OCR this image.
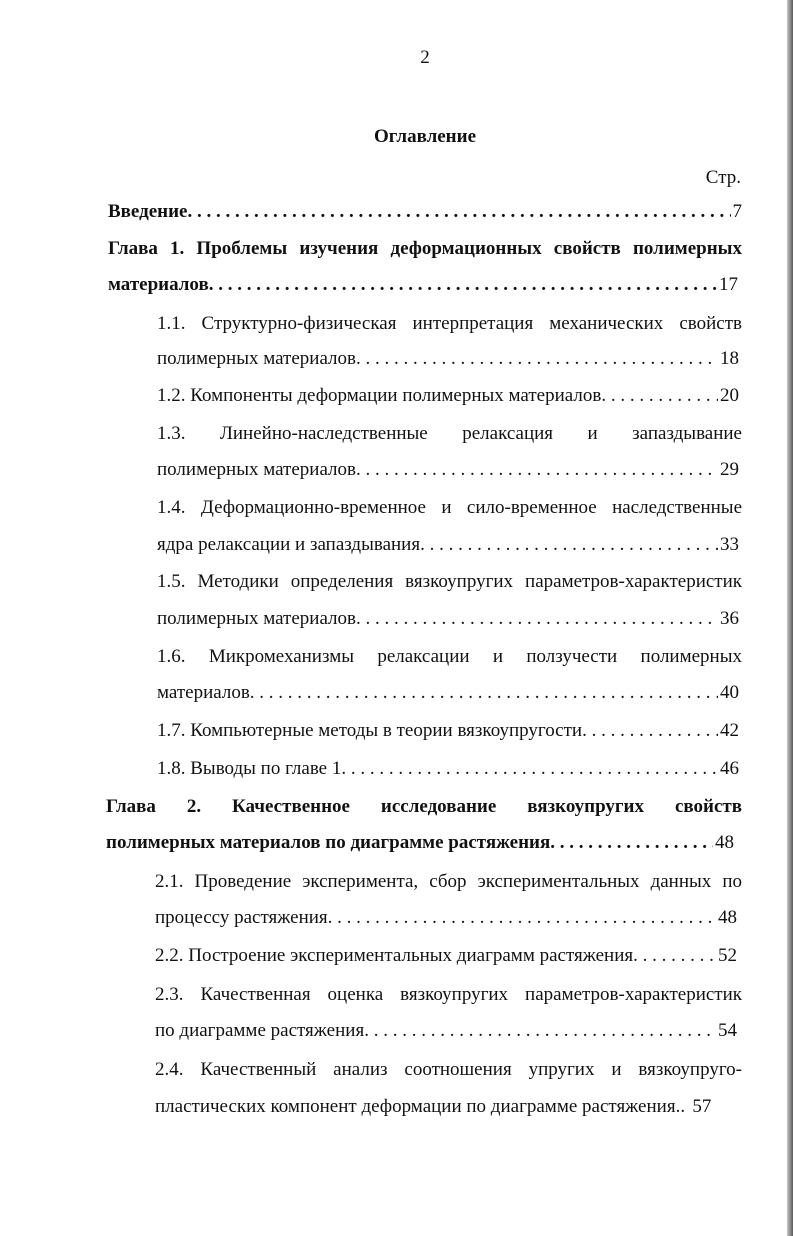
2
Оглавление
Стр.
Введение . . .	7
Глава 1. Проблемы изучения деформационных свойств полимерных
материалов . . .	17
1.1. Структурно-физическая интерпретация механических свойств
полимерных материалов . . .	18
1.2. Компоненты деформации полимерных материалов . . .	20
1.3. Линейно-наследственные релаксация и запаздывание
полимерных материалов . . .	29
1.4. Деформационно-временное и сило-временное наследственные
ядра релаксации и запаздывания . . .	33
1.5. Методики определения вязкоупругих параметров-характеристик
полимерных материалов . . .	36
1.6. Микромеханизмы релаксации и ползучести полимерных
материалов . . .	40
1.7. Компьютерные методы в теории вязкоупругости . . .	42
1.8. Выводы по главе 1 . . .	46
Глава 2. Качественное исследование вязкоупругих свойств
полимерных материалов по диаграмме растяжения . . .	48
2.1. Проведение эксперимента, сбор экспериментальных данных по
процессу растяжения . . .	48
2.2. Построение экспериментальных диаграмм растяжения . . .	52
2.3. Качественная оценка вязкоупругих параметров-характеристик
по диаграмме растяжения . . .	54
2.4. Качественный анализ соотношения упругих и вязкоупруго-
пластических компонент деформации по диаграмме растяжения. . 57
